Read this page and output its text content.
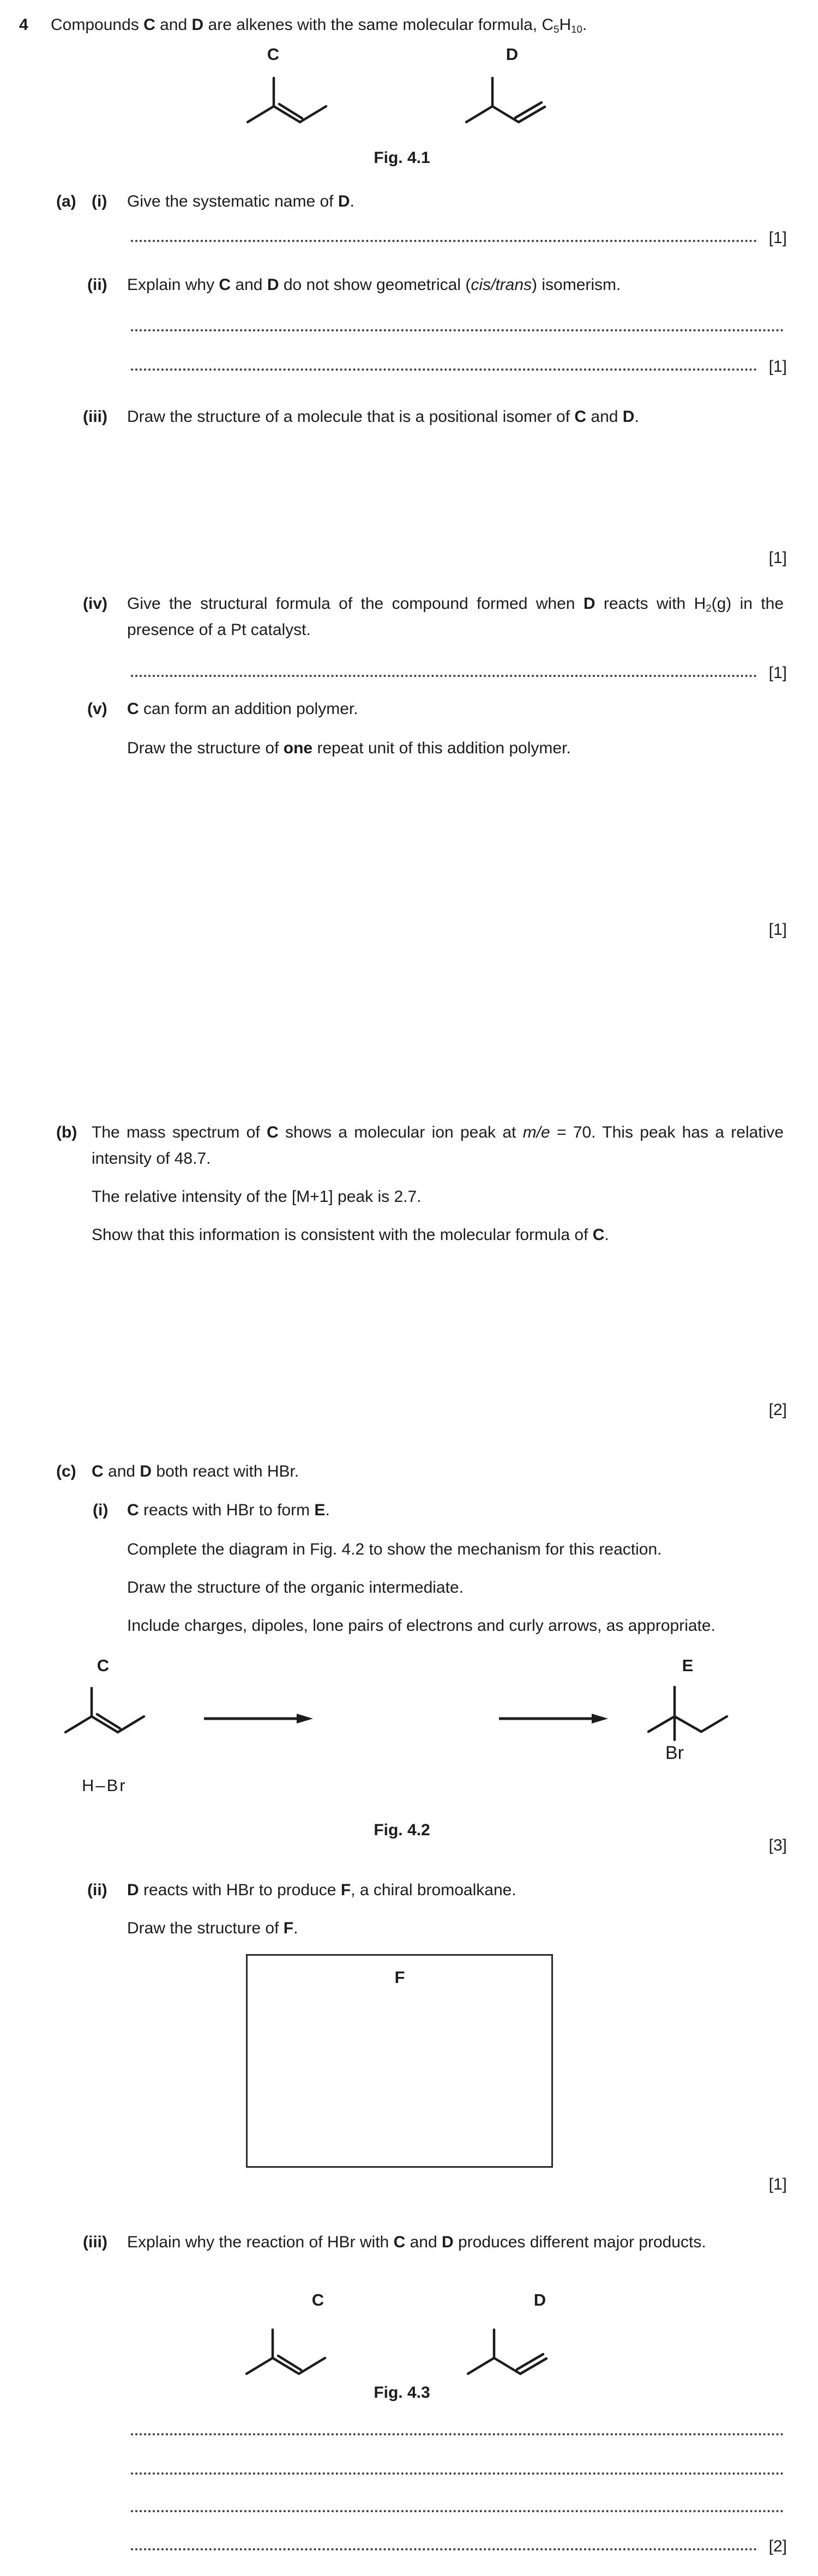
4 Compounds C and D are alkenes with the same molecular formula, $C_5H_{10}$.
C	D
Fig. 4.1
(a) (i) Give the systematic name of D.
[1]
(ii) Explain why C and D do not show geometrical (cis/trans) isomerism.
[1]
(iii) Draw the structure of a molecule that is a positional isomer of C and D.
[1]
(iv) Give the structural formula of the compound formed when D reacts with $H_2(g)$ in the
presence of a Pt catalyst.
[1]
(v) C can form an addition polymer.
Draw the structure of one repeat unit of this addition polymer.
[1]
(b) The mass spectrum of C shows a molecular ion peak at m/e = 70. This peak has a relative
intensity of 48.7.
The relative intensity of the [M+1] peak is 2.7.
Show that this information is consistent with the molecular formula of C.
[2]
(c) C and D both react with HBr.
(i) C reacts with HBr to form E.
Complete the diagram in Fig. 4.2 to show the mechanism for this reaction.
Draw the structure of the organic intermediate.
Include charges, dipoles, lone pairs of electrons and curly arrows, as appropriate.
C	E
Br
H–Br
Fig. 4.2
[3]
(ii) D reacts with HBr to produce F, a chiral bromoalkane.
Draw the structure of F.
F
[1]
(iii) Explain why the reaction of HBr with C and D produces different major products.
C	D
Fig. 4.3
[2]
